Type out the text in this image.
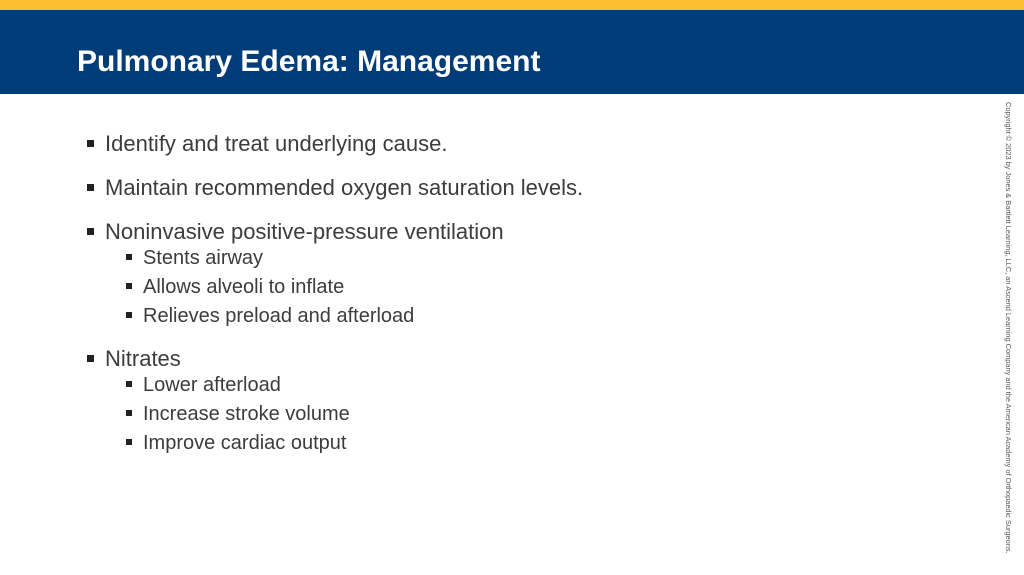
Pulmonary Edema: Management
Identify and treat underlying cause.
Maintain recommended oxygen saturation levels.
Noninvasive positive-pressure ventilation
Stents airway
Allows alveoli to inflate
Relieves preload and afterload
Nitrates
Lower afterload
Increase stroke volume
Improve cardiac output	Copyright © 2023 by Jones & Bartlett Learning, LLC, an Ascend Learning Company and the American Academy of Orthopaedic Surgeons.
